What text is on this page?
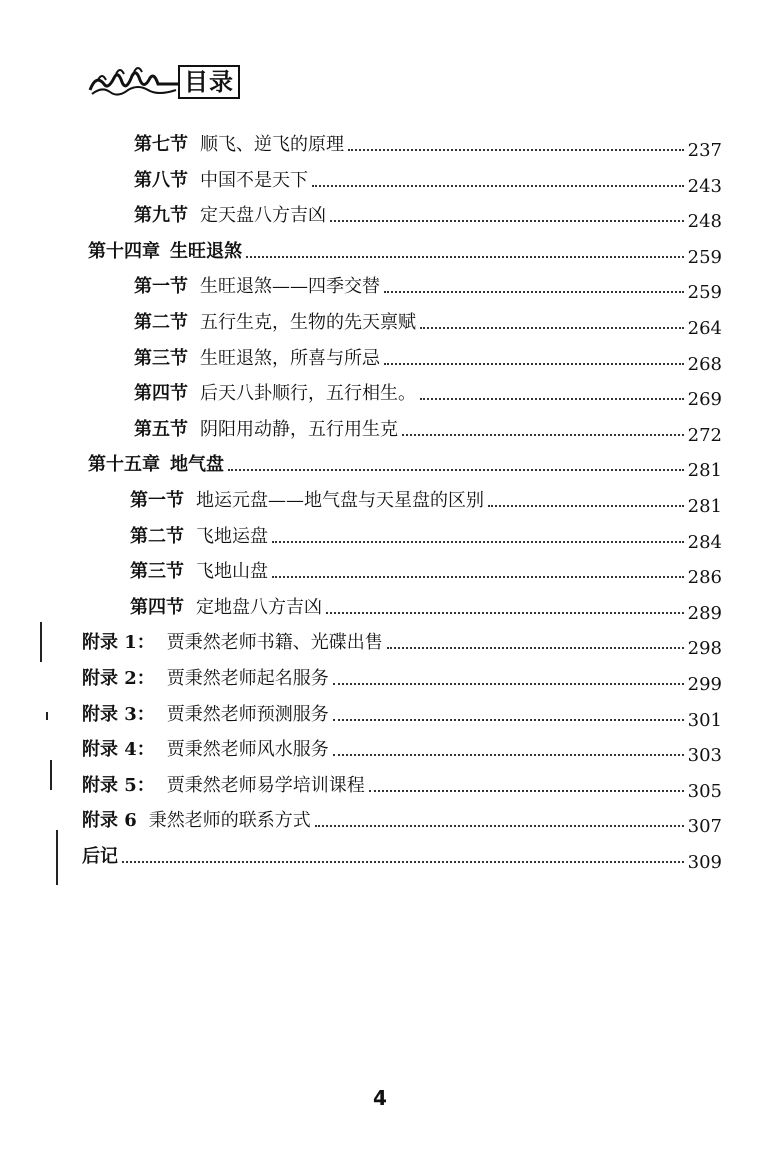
目录
第七节 顺飞、逆飞的原理	237
第八节 中国不是天下	243
第九节 定天盘八方吉凶	248
第十四章 生旺退煞	259
第一节 生旺退煞——四季交替	259
第二节 五行生克，生物的先天禀赋	264
第三节 生旺退煞，所喜与所忌	268
第四节 后天八卦顺行，五行相生。	269
第五节 阴阳用动静，五行用生克	272
第十五章 地气盘	281
第一节 地运元盘——地气盘与天星盘的区别	281
第二节 飞地运盘	284
第三节 飞地山盘	286
第四节 定地盘八方吉凶	289
附录 1： 贾秉然老师书籍、光碟出售	298
附录 2： 贾秉然老师起名服务	299
附录 3： 贾秉然老师预测服务	301
附录 4： 贾秉然老师风水服务	303
附录 5： 贾秉然老师易学培训课程	305
附录 6 秉然老师的联系方式	307
后记	309
4
